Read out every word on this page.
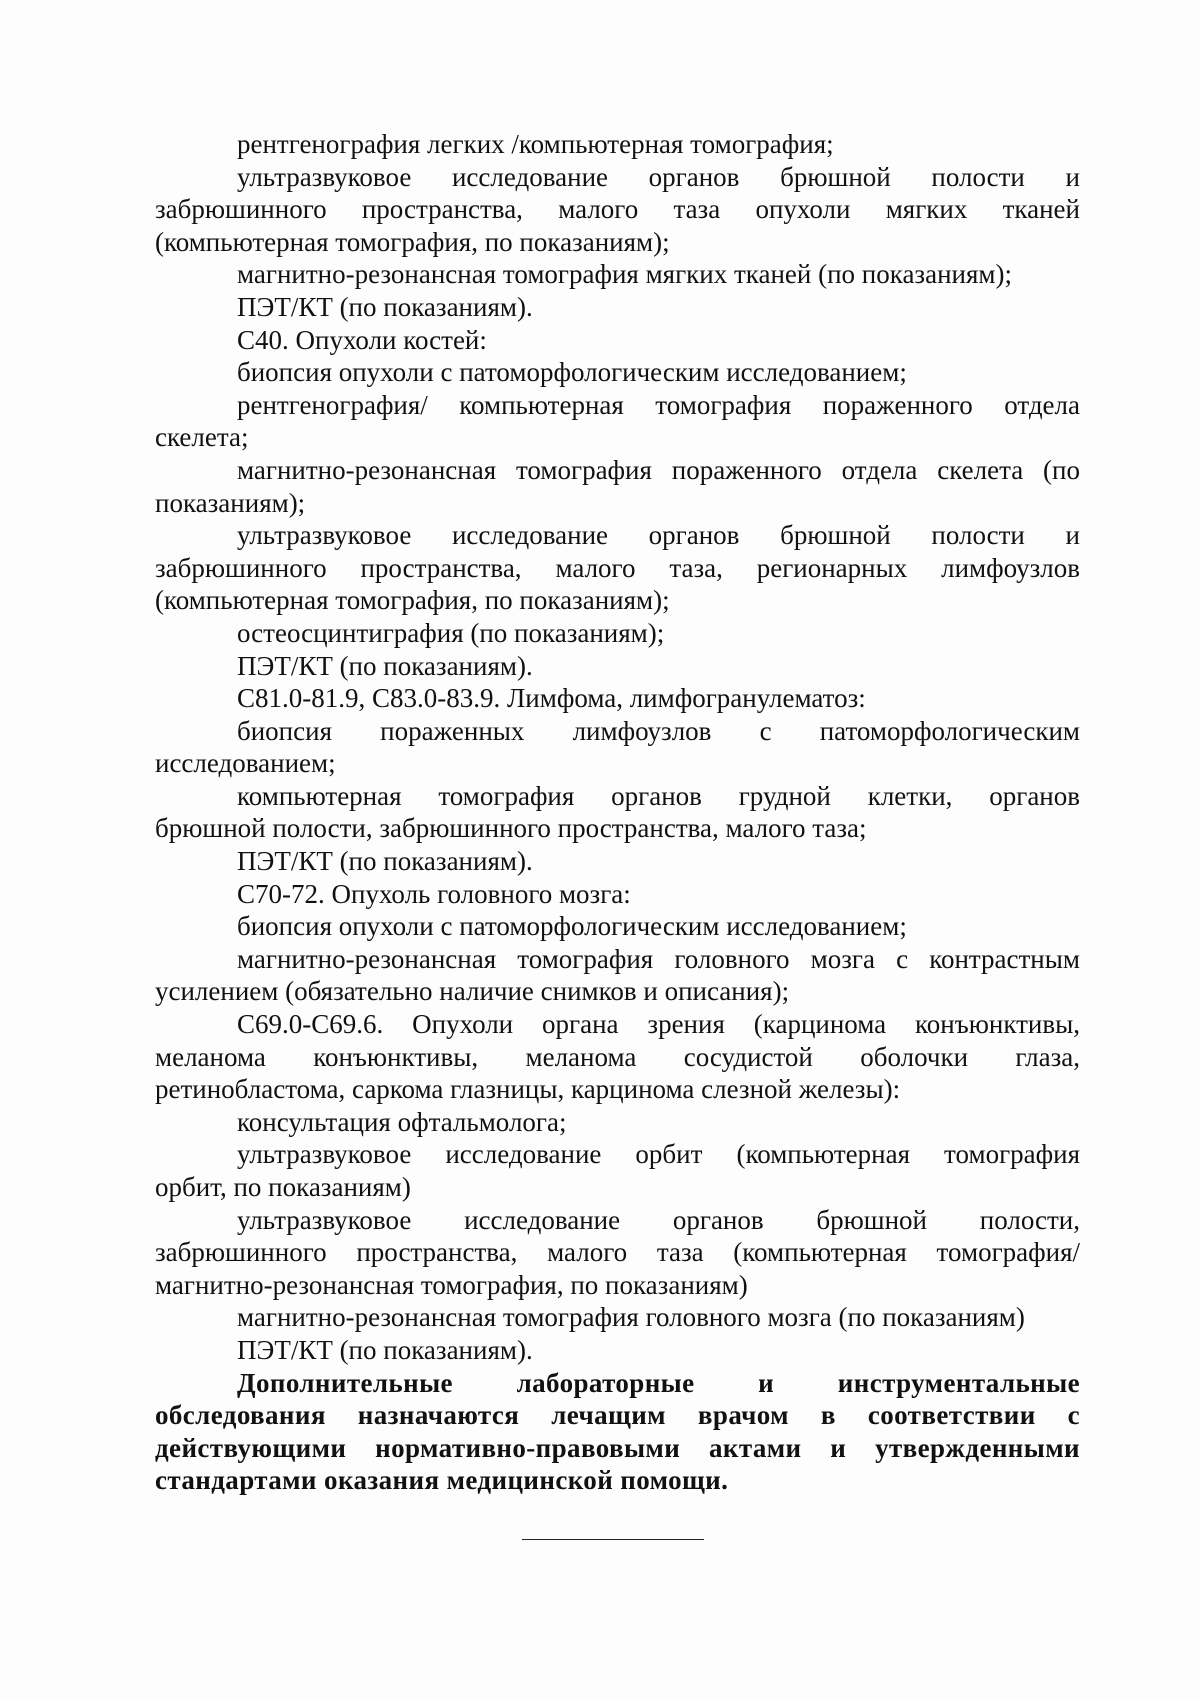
рентгенография легких /компьютерная томография;
ультразвуковое исследование органов брюшной полости и
забрюшинного пространства, малого таза опухоли мягких тканей
(компьютерная томография, по показаниям);
магнитно-резонансная томография мягких тканей (по показаниям);
ПЭТ/КТ (по показаниям).
С40. Опухоли костей:
биопсия опухоли с патоморфологическим исследованием;
рентгенография/ компьютерная томография пораженного отдела
скелета;
магнитно-резонансная томография пораженного отдела скелета (по
показаниям);
ультразвуковое исследование органов брюшной полости и
забрюшинного пространства, малого таза, регионарных лимфоузлов
(компьютерная томография, по показаниям);
остеосцинтиграфия (по показаниям);
ПЭТ/КТ (по показаниям).
С81.0-81.9, С83.0-83.9. Лимфома, лимфогранулематоз:
биопсия пораженных лимфоузлов с патоморфологическим
исследованием;
компьютерная томография органов грудной клетки, органов
брюшной полости, забрюшинного пространства, малого таза;
ПЭТ/КТ (по показаниям).
С70-72. Опухоль головного мозга:
биопсия опухоли с патоморфологическим исследованием;
магнитно-резонансная томография головного мозга с контрастным
усилением (обязательно наличие снимков и описания);
С69.0-С69.6. Опухоли органа зрения (карцинома конъюнктивы,
меланома конъюнктивы, меланома сосудистой оболочки глаза,
ретинобластома, саркома глазницы, карцинома слезной железы):
консультация офтальмолога;
ультразвуковое исследование орбит (компьютерная томография
орбит, по показаниям)
ультразвуковое исследование органов брюшной полости,
забрюшинного пространства, малого таза (компьютерная томография/
магнитно-резонансная томография, по показаниям)
магнитно-резонансная томография головного мозга (по показаниям)
ПЭТ/КТ (по показаниям).
Дополнительные лабораторные и инструментальные
обследования назначаются лечащим врачом в соответствии с
действующими нормативно-правовыми актами и утвержденными
стандартами оказания медицинской помощи.
